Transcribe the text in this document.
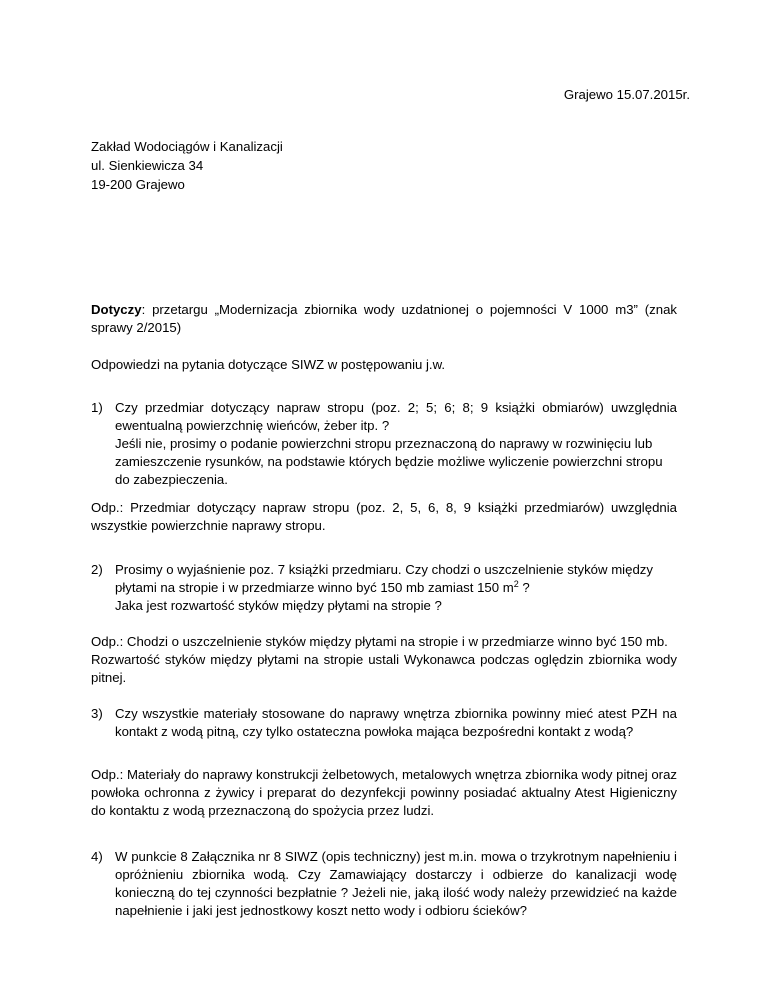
Grajewo 15.07.2015r.
Zakład Wodociągów i Kanalizacji
ul. Sienkiewicza 34
19-200 Grajewo
Dotyczy: przetargu „Modernizacja zbiornika wody uzdatnionej o pojemności V 1000 m3” (znak sprawy 2/2015)
Odpowiedzi na pytania dotyczące SIWZ w postępowaniu j.w.
1) Czy przedmiar dotyczący napraw stropu (poz. 2; 5; 6; 8; 9 książki obmiarów) uwzględnia ewentualną powierzchnię wieńców, żeber itp. ?
Jeśli nie, prosimy o podanie powierzchni stropu przeznaczoną do naprawy w rozwinięciu lub zamieszczenie rysunków, na podstawie których będzie możliwe wyliczenie powierzchni stropu do zabezpieczenia.
Odp.: Przedmiar dotyczący napraw stropu (poz. 2, 5, 6, 8, 9 książki przedmiarów) uwzględnia wszystkie powierzchnie naprawy stropu.
2) Prosimy o wyjaśnienie poz. 7 książki przedmiaru. Czy chodzi o uszczelnienie styków między płytami na stropie i w przedmiarze winno być 150 mb zamiast 150 $m^2$ ?
Jaka jest rozwartość styków między płytami na stropie ?
Odp.: Chodzi o uszczelnienie styków między płytami na stropie i w przedmiarze winno być 150 mb.
Rozwartość styków między płytami na stropie ustali Wykonawca podczas oględzin zbiornika wody pitnej.
3) Czy wszystkie materiały stosowane do naprawy wnętrza zbiornika powinny mieć atest PZH na kontakt z wodą pitną, czy tylko ostateczna powłoka mająca bezpośredni kontakt z wodą?
Odp.: Materiały do naprawy konstrukcji żelbetowych, metalowych wnętrza zbiornika wody pitnej oraz powłoka ochronna z żywicy i preparat do dezynfekcji powinny posiadać aktualny Atest Higieniczny do kontaktu z wodą przeznaczoną do spożycia przez ludzi.
4) W punkcie 8 Załącznika nr 8 SIWZ (opis techniczny) jest m.in. mowa o trzykrotnym napełnieniu i opróżnieniu zbiornika wodą. Czy Zamawiający dostarczy i odbierze do kanalizacji wodę konieczną do tej czynności bezpłatnie ? Jeżeli nie, jaką ilość wody należy przewidzieć na każde napełnienie i jaki jest jednostkowy koszt netto wody i odbioru ścieków?
